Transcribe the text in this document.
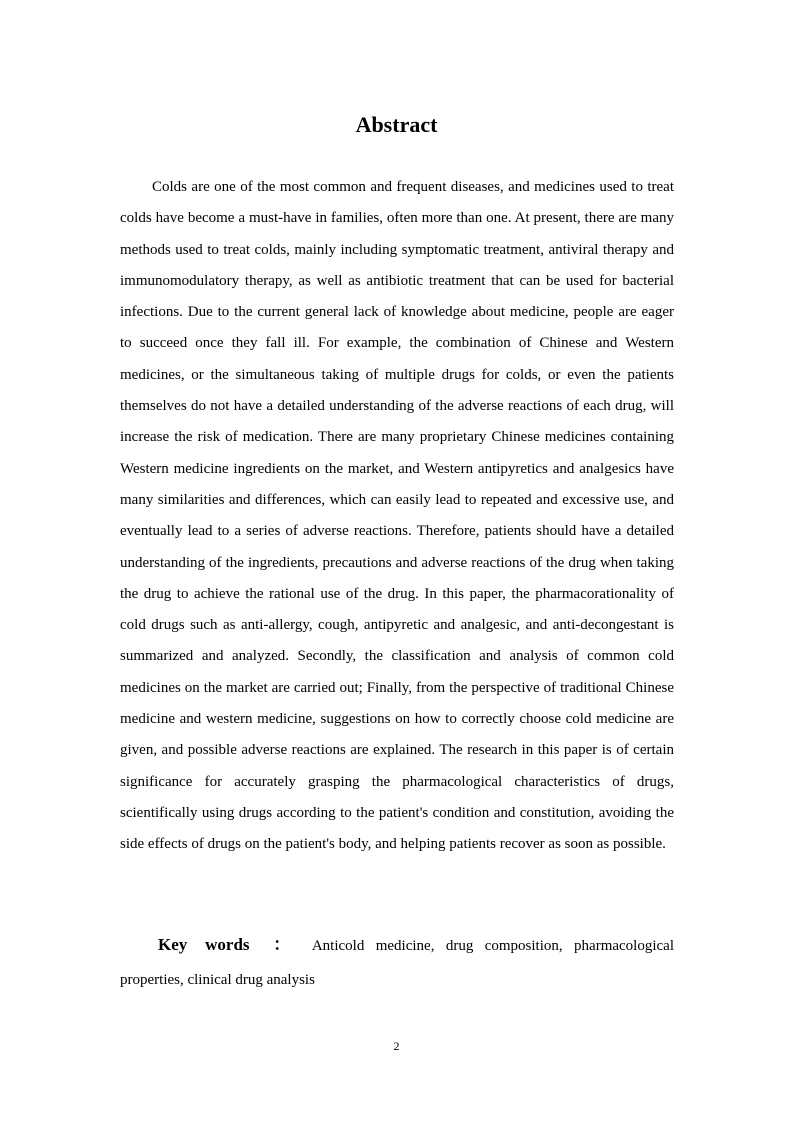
Abstract

Colds are one of the most common and frequent diseases, and medicines used to treat colds have become a must-have in families, often more than one. At present, there are many methods used to treat colds, mainly including symptomatic treatment, antiviral therapy and immunomodulatory therapy, as well as antibiotic treatment that can be used for bacterial infections. Due to the current general lack of knowledge about medicine, people are eager to succeed once they fall ill. For example, the combination of Chinese and Western medicines, or the simultaneous taking of multiple drugs for colds, or even the patients themselves do not have a detailed understanding of the adverse reactions of each drug, will increase the risk of medication. There are many proprietary Chinese medicines containing Western medicine ingredients on the market, and Western antipyretics and analgesics have many similarities and differences, which can easily lead to repeated and excessive use, and eventually lead to a series of adverse reactions. Therefore, patients should have a detailed understanding of the ingredients, precautions and adverse reactions of the drug when taking the drug to achieve the rational use of the drug. In this paper, the pharmacorationality of cold drugs such as anti-allergy, cough, antipyretic and analgesic, and anti-decongestant is summarized and analyzed. Secondly, the classification and analysis of common cold medicines on the market are carried out; Finally, from the perspective of traditional Chinese medicine and western medicine, suggestions on how to correctly choose cold medicine are given, and possible adverse reactions are explained. The research in this paper is of certain significance for accurately grasping the pharmacological characteristics of drugs, scientifically using drugs according to the patient's condition and constitution, avoiding the side effects of drugs on the patient's body, and helping patients recover as soon as possible.

Key words ： Anticold medicine, drug composition, pharmacological properties, clinical drug analysis

2
